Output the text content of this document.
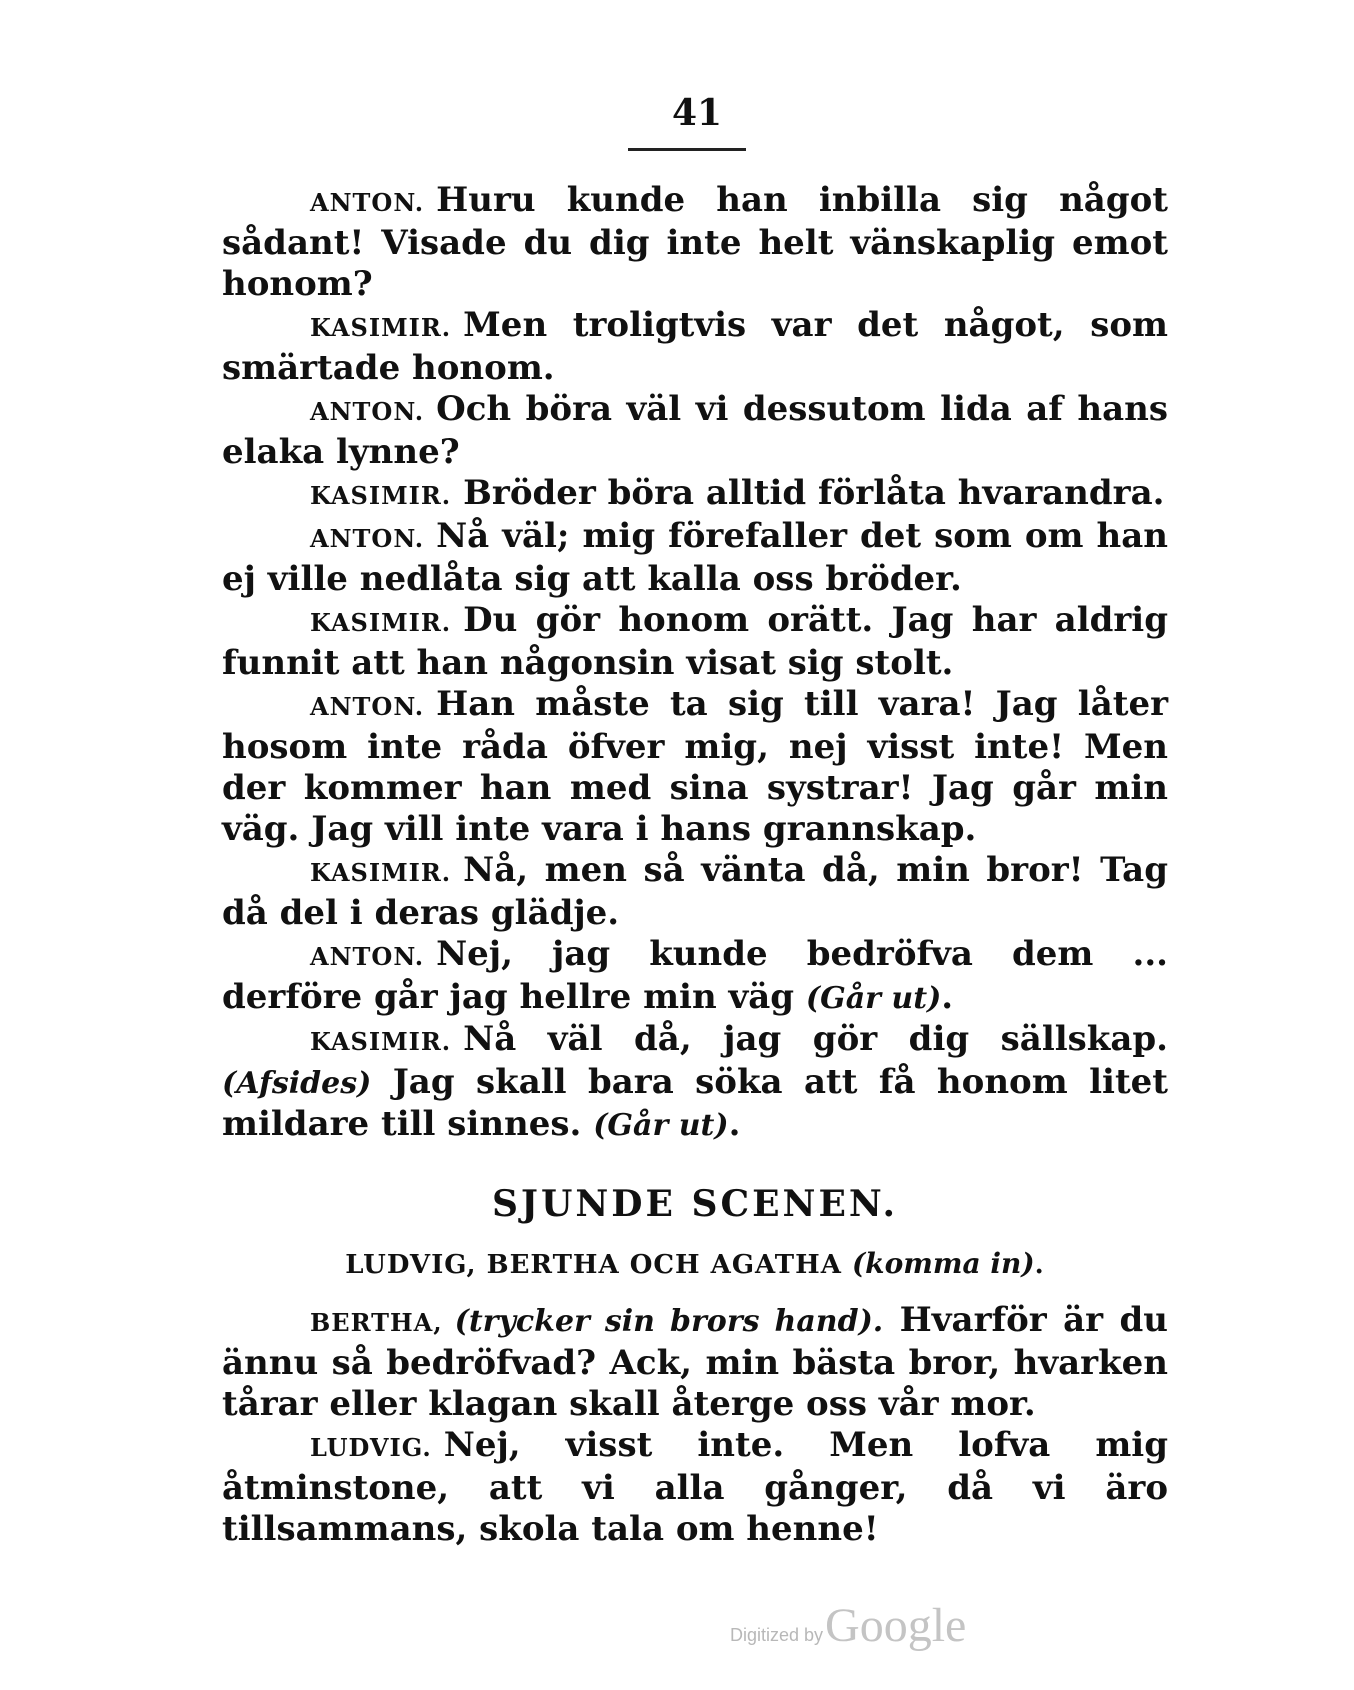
41

ANTON. Huru kunde han inbilla sig något sådant! Visade du dig inte helt vänskaplig emot honom?

KASIMIR. Men troligtvis var det något, som smärtade honom.

ANTON. Och böra väl vi dessutom lida af hans elaka lynne?

KASIMIR. Bröder böra alltid förlåta hvarandra.

ANTON. Nå väl; mig förefaller det som om han ej ville nedlåta sig att kalla oss bröder.

KASIMIR. Du gör honom orätt. Jag har aldrig funnit att han någonsin visat sig stolt.

ANTON. Han måste ta sig till vara! Jag låter hosom inte råda öfver mig, nej visst inte! Men der kommer han med sina systrar! Jag går min väg. Jag vill inte vara i hans grannskap.

KASIMIR. Nå, men så vänta då, min bror! Tag då del i deras glädje.

ANTON. Nej, jag kunde bedröfva dem ... derföre går jag hellre min väg (Går ut).

KASIMIR. Nå väl då, jag gör dig sällskap. (Afsides) Jag skall bara söka att få honom litet mildare till sinnes. (Går ut).

SJUNDE SCENEN.
LUDVIG, BERTHA OCH AGATHA (komma in).

BERTHA, (trycker sin brors hand). Hvarför är du ännu så bedröfvad? Ack, min bästa bror, hvarken tårar eller klagan skall återge oss vår mor.

LUDVIG. Nej, visst inte. Men lofva mig åtminstone, att vi alla gånger, då vi äro tillsammans, skola tala om henne!

Digitized byGoogle
